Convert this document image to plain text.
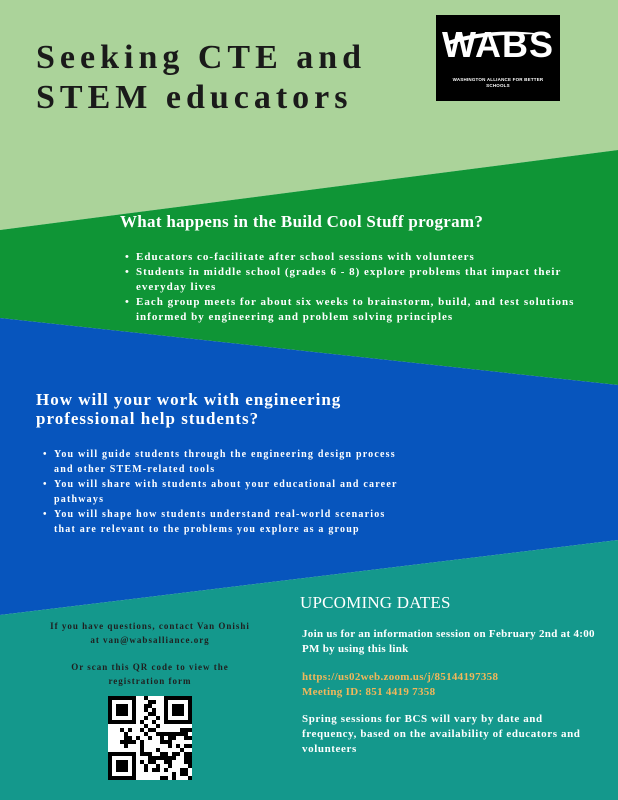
Seeking CTE and
STEM educators
WABS
WASHINGTON ALLIANCE FOR BETTER SCHOOLS
What happens in the Build Cool Stuff program?
• Educators co-facilitate after school sessions with volunteers
• Students in middle school (grades 6 - 8) explore problems that impact their everyday lives
• Each group meets for about six weeks to brainstorm, build, and test solutions informed by engineering and problem solving principles
How will your work with engineering professional help students?
• You will guide students through the engineering design process and other STEM-related tools
• You will share with students about your educational and career pathways
• You will shape how students understand real-world scenarios that are relevant to the problems you explore as a group

If you have questions, contact Van Onishi at van@wabsalliance.org

Or scan this QR code to view the registration form

UPCOMING DATES

Join us for an information session on February 2nd at 4:00 PM by using this link

https://us02web.zoom.us/j/85144197358
Meeting ID: 851 4419 7358

Spring sessions for BCS will vary by date and frequency, based on the availability of educators and volunteers
